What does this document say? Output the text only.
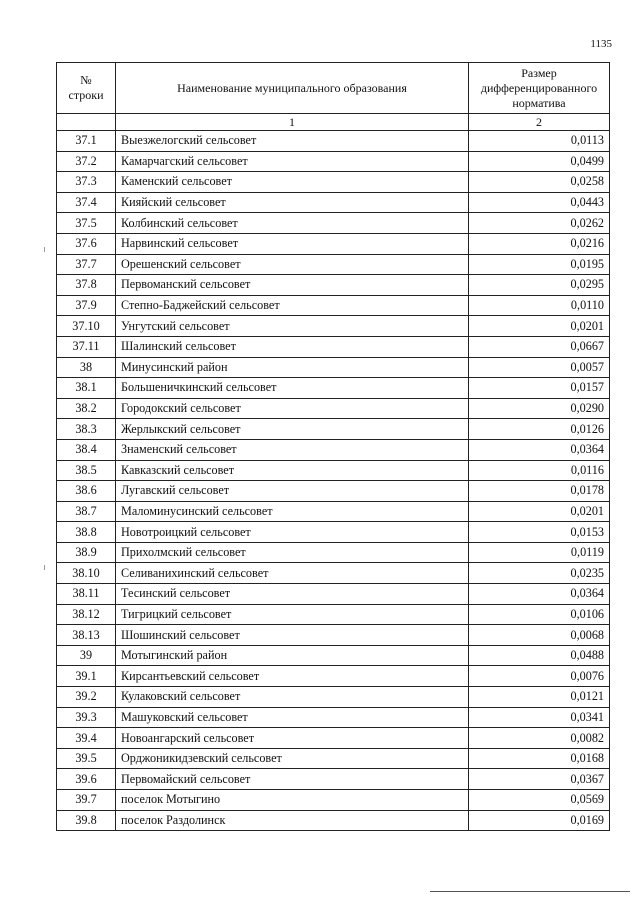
1135
№
строки	Наименование муниципального образования	Размер
дифференцированного
норматива
	1	2
37.1	Выезжелогский сельсовет	0,0113
37.2	Камарчагский сельсовет	0,0499
37.3	Каменский сельсовет	0,0258
37.4	Кияйский сельсовет	0,0443
37.5	Колбинский сельсовет	0,0262
37.6	Нарвинский сельсовет	0,0216
37.7	Орешенский сельсовет	0,0195
37.8	Первоманский сельсовет	0,0295
37.9	Степно-Баджейский сельсовет	0,0110
37.10	Унгутский сельсовет	0,0201
37.11	Шалинский сельсовет	0,0667
38	Минусинский район	0,0057
38.1	Большеничкинский сельсовет	0,0157
38.2	Городокский сельсовет	0,0290
38.3	Жерлыкский сельсовет	0,0126
38.4	Знаменский сельсовет	0,0364
38.5	Кавказский сельсовет	0,0116
38.6	Лугавский сельсовет	0,0178
38.7	Маломинусинский сельсовет	0,0201
38.8	Новотроицкий сельсовет	0,0153
38.9	Прихолмский сельсовет	0,0119
38.10	Селиванихинский сельсовет	0,0235
38.11	Тесинский сельсовет	0,0364
38.12	Тигрицкий сельсовет	0,0106
38.13	Шошинский сельсовет	0,0068
39	Мотыгинский район	0,0488
39.1	Кирсантьевский сельсовет	0,0076
39.2	Кулаковский сельсовет	0,0121
39.3	Машуковский сельсовет	0,0341
39.4	Новоангарский сельсовет	0,0082
39.5	Орджоникидзевский сельсовет	0,0168
39.6	Первомайский сельсовет	0,0367
39.7	поселок Мотыгино	0,0569
39.8	поселок Раздолинск	0,0169
